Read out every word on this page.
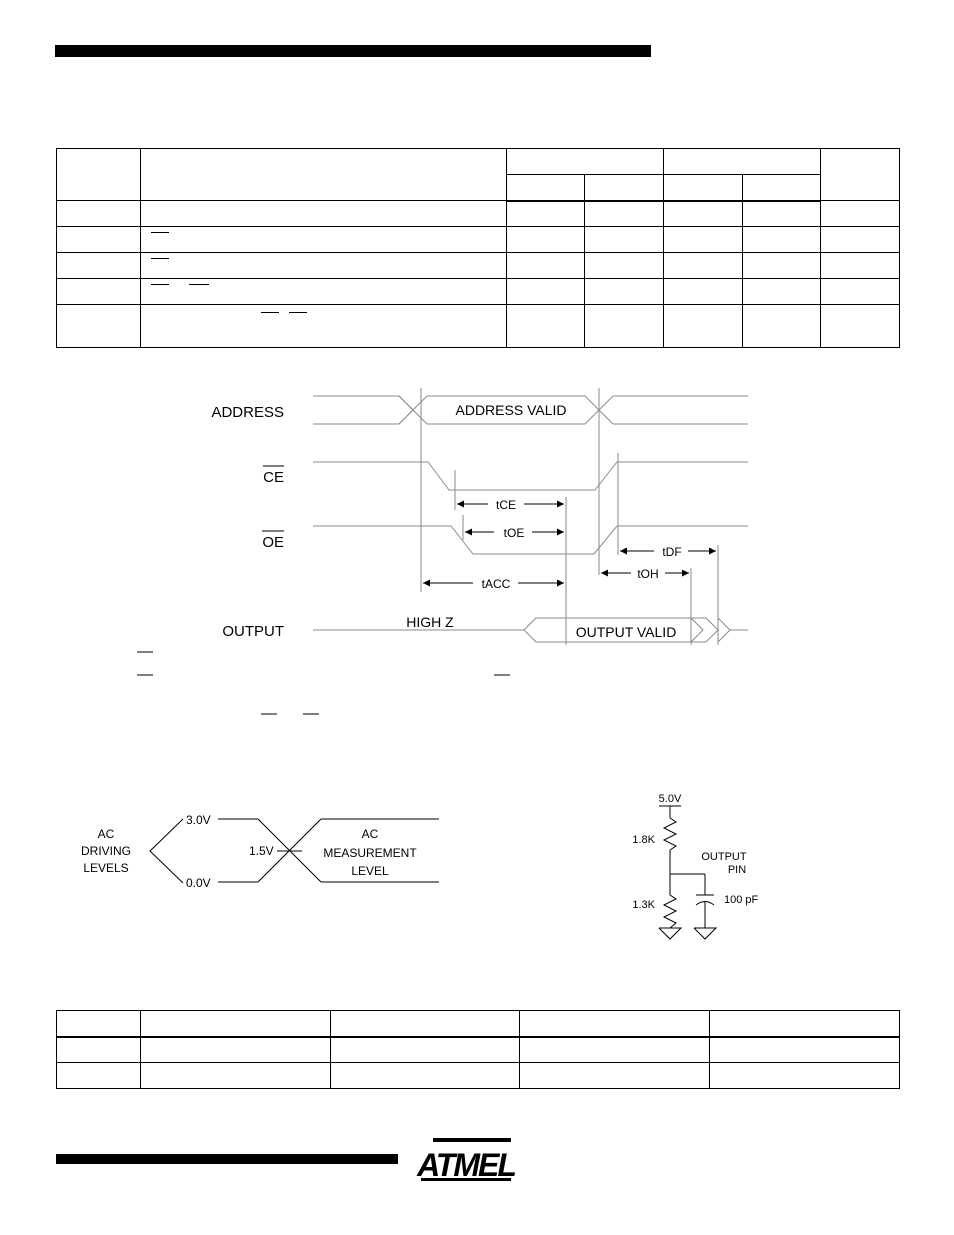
ADDRESS
CE
OE
OUTPUT
ADDRESS VALID
HIGH Z
OUTPUT VALID
tCE
tOE
tACC
tDF
tOH
AC
DRIVING
LEVELS
3.0V
0.0V
1.5V
AC
MEASUREMENT
LEVEL
5.0V
1.8K
1.3K
OUTPUT
PIN
100 pF

ATMEL
